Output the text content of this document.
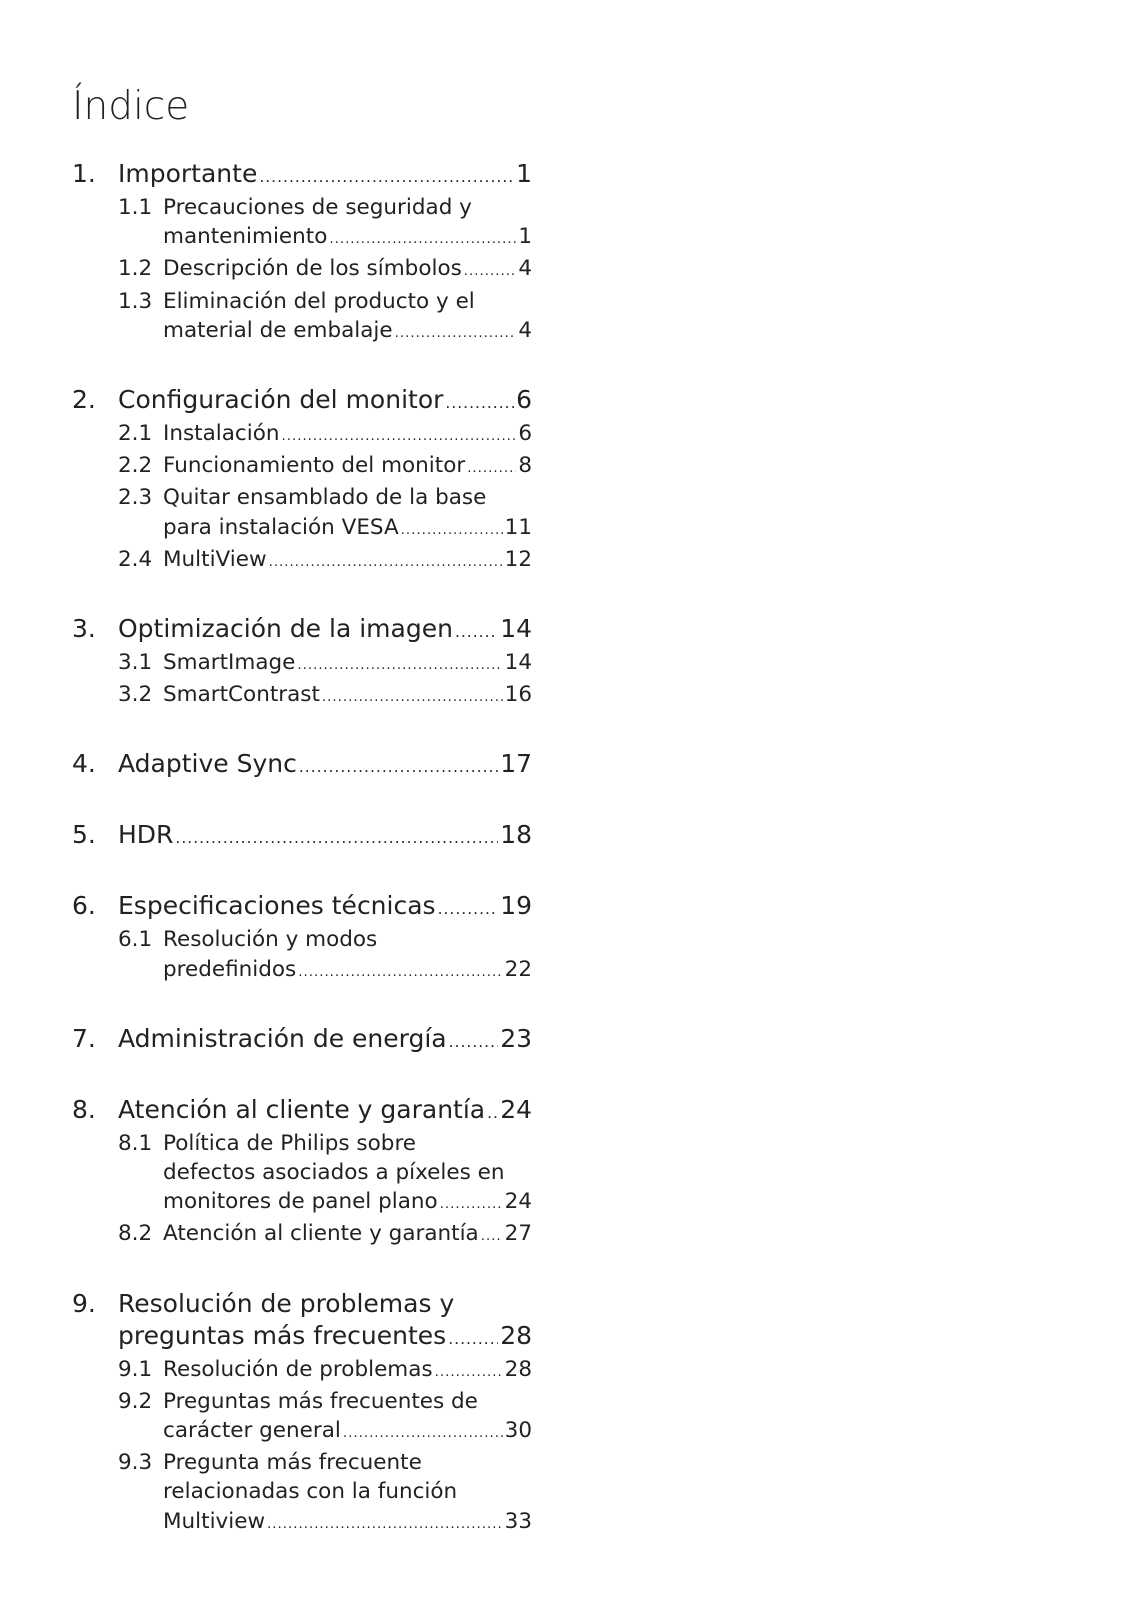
Índice
1. Importante .....	1
1.1 Precauciones de seguridad y
mantenimiento .....	1
1.2 Descripción de los símbolos .....	4
1.3 Eliminación del producto y el
material de embalaje .....	4
2. Configuración del monitor .....	6
2.1 Instalación .....	6
2.2 Funcionamiento del monitor ..... 8
2.3 Quitar ensamblado de la base
para instalación VESA .....	11
2.4 MultiView .....	12
3. Optimización de la imagen ..... 14
3.1 SmartImage .....	14
3.2 SmartContrast .....	16
4. Adaptive Sync .....	17
5. HDR .....	18
6. Especificaciones técnicas .....	19
6.1 Resolución y modos
predefinidos .....	22
7. Administración de energía ..... 23
8. Atención al cliente y garantía ..... 24
8.1 Política de Philips sobre
defectos asociados a píxeles en
monitores de panel plano .....	24
8.2 Atención al cliente y garantía ..... 27
9. Resolución de problemas y
preguntas más frecuentes ..... 28
9.1 Resolución de problemas .....	28
9.2 Preguntas más frecuentes de
carácter general .....	30
9.3 Pregunta más frecuente
relacionadas con la función
Multiview .....	33
